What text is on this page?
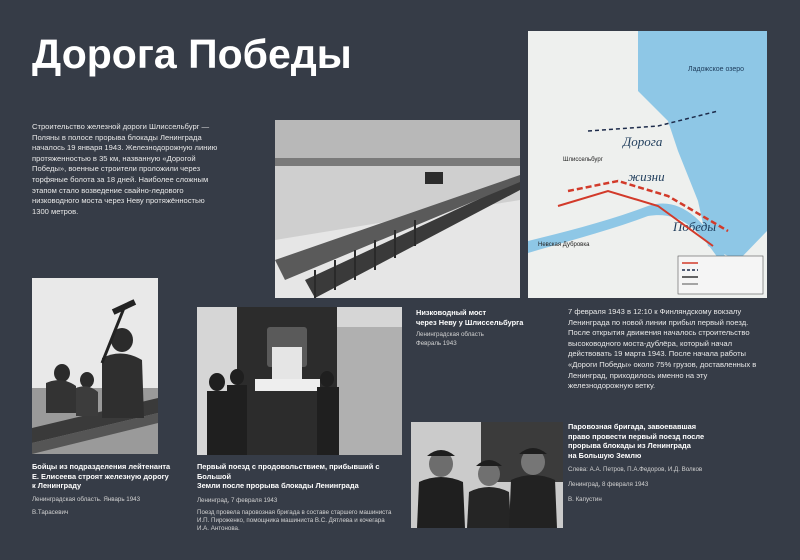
Дорога Победы
Строительство железной дороги Шлиссельбург — Поляны в полосе прорыва блокады Ленинграда началось 19 января 1943. Железнодорожную линию протяженностью в 35 км, названную «Дорогой Победы», военные строители проложили через торфяные болота за 18 дней. Наиболее сложным этапом стало возведение свайно-ледового низководного моста через Неву протяжённостью 1300 метров.
Ладожское озеро
Дорога
жизни
Победы
Шлиссельбург
Невская Дубровка
Низководный мост
через Неву у Шлиссельбурга
Ленинградская область
Февраль 1943
7 февраля 1943 в 12:10 к Финляндскому вокзалу Ленинграда по новой линии прибыл первый поезд. После открытия движения началось строительство высоководного моста-дублёра, который начал действовать 19 марта 1943. После начала работы «Дороги Победы» около 75% грузов, доставленных в Ленинград, приходилось именно на эту железнодорожную ветку.
Бойцы из подразделения лейтенанта
Е. Елисеева строят железную дорогу
к Ленинграду
Ленинградская область. Январь 1943
В.Тарасевич
Первый поезд с продовольствием, прибывший с Большой
Земли после прорыва блокады Ленинграда
Ленинград, 7 февраля 1943
Поезд провела паровозная бригада в составе старшего машиниста
И.П. Пироженко, помощника машиниста В.С. Дятлева и кочегара
И.А. Антонова.
Паровозная бригада, завоевавшая
право провести первый поезд после
прорыва блокады из Ленинграда
на Большую Землю
Слева: А.А. Петров, П.А.Федоров, И.Д. Волков
Ленинград, 8 февраля 1943
В. Капустин
